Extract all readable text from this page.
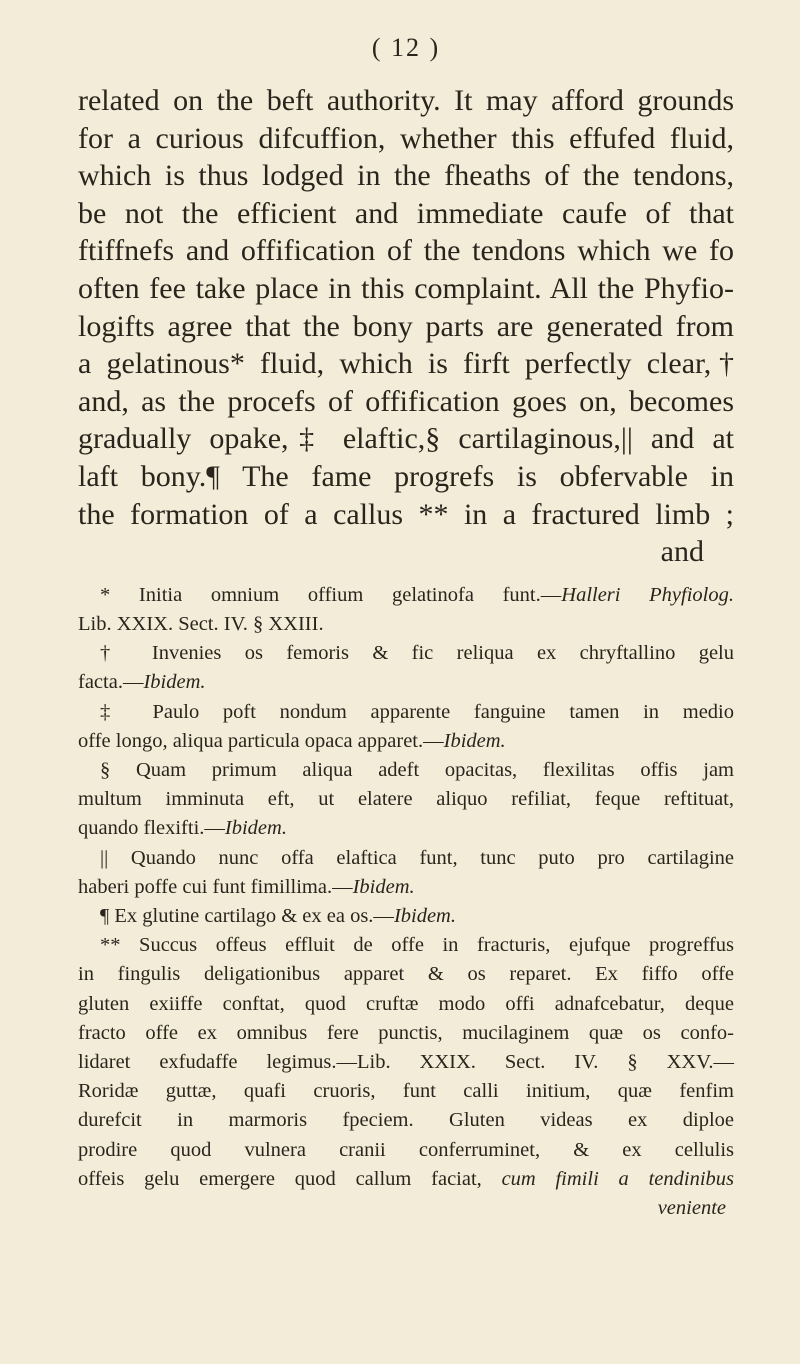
( 12 )
related on the beft authority. It may afford grounds
for a curious difcuffion, whether this effufed fluid,
which is thus lodged in the fheaths of the tendons,
be not the efficient and immediate caufe of that
ftiffnefs and offification of the tendons which we fo
often fee take place in this complaint. All the Phyfio-
logifts agree that the bony parts are generated from
a gelatinous* fluid, which is firft perfectly clear,†
and, as the procefs of offification goes on, becomes
gradually opake,‡ elaftic,§ cartilaginous,|| and at
laft bony.¶ The fame progrefs is obfervable in
the formation of a callus ** in a fractured limb ;
and
* Initia omnium offium gelatinofa funt.—Halleri Phyfiolog.
Lib. XXIX. Sect. IV. § XXIII.
† Invenies os femoris & fic reliqua ex chryftallino gelu
facta.—Ibidem.
‡ Paulo poft nondum apparente fanguine tamen in medio
offe longo, aliqua particula opaca apparet.—Ibidem.
§ Quam primum aliqua adeft opacitas, flexilitas offis jam
multum imminuta eft, ut elatere aliquo refiliat, feque reftituat,
quando flexifti.—Ibidem.
|| Quando nunc offa elaftica funt, tunc puto pro cartilagine
haberi poffe cui funt fimillima.—Ibidem.
¶ Ex glutine cartilago & ex ea os.—Ibidem.
** Succus offeus effluit de offe in fracturis, ejufque progreffus
in fingulis deligationibus apparet & os reparet. Ex fiffo offe
gluten exiiffe conftat, quod cruftæ modo offi adnafcebatur, deque
fracto offe ex omnibus fere punctis, mucilaginem quæ os confo-
lidaret exfudaffe legimus.—Lib. XXIX. Sect. IV. § XXV.—
Roridæ guttæ, quafi cruoris, funt calli initium, quæ fenfim
durefcit in marmoris fpeciem. Gluten videas ex diploe
prodire quod vulnera cranii conferruminet, & ex cellulis
offeis gelu emergere quod callum faciat, cum fimili a tendinibus
veniente
